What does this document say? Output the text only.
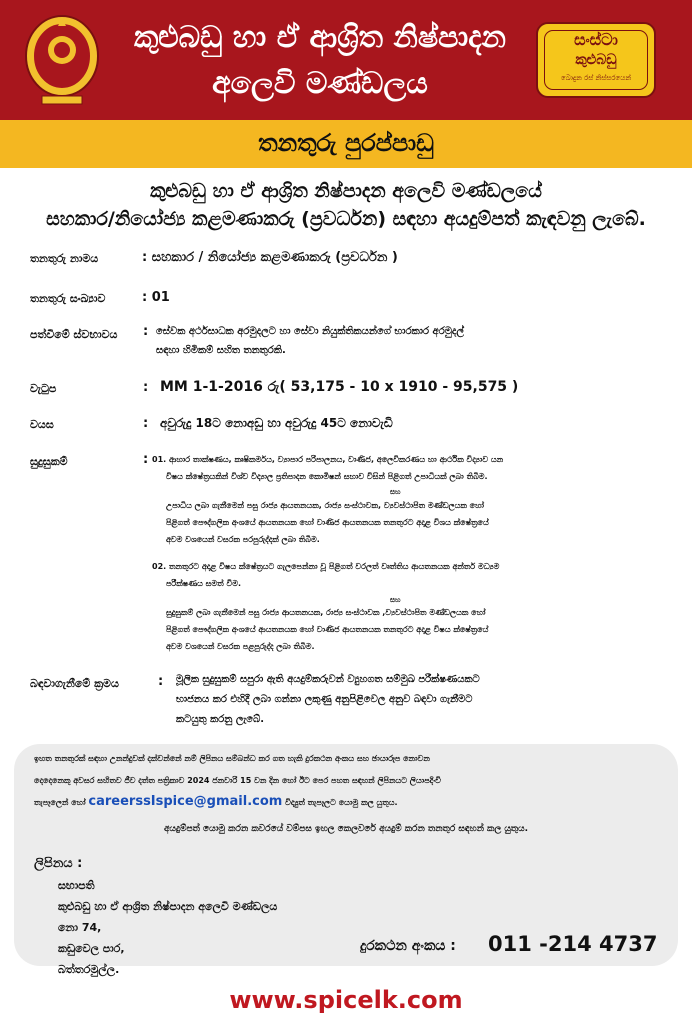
කුළුබඩු හා ඒ ආශ්‍රිත නිෂ්පාදන
අලෙවි මණ්ඩලය
සංස්ටා
කුළුබඩු
බොදුන රස් නිස්සරයෙන්
තනතුරු පුරප්පාඩු
කුළුබඩු හා ඒ ආශ්‍රිත නිෂ්පාදන අලෙවි මණ්ඩලයේ
සහකාර/නියෝජ්‍ය කළමණාකරු (ප්‍රවර්ධන) සඳහා අයදුම්පත් කැඳවනු ලැබේ.
තනතුරු නාමය	: සහකාර / නියෝජ්‍ය කළමණාකරු (ප්‍රවර්ධන )
තනතුරු සංඛ්‍යාව	: 01
පත්වීමේ ස්වභාවය : සේවක අර්ථසාධක අරමුදලට හා සේවා නියුක්තිකයන්ගේ භාරකාර අරමුදල්
සඳහා හිමිකම් සහිත තනතුරකි.
වැටුප	: MM 1-1-2016 රු( 53,175 - 10 x 1910 - 95,575 )
වයස	: අවුරුදු 18ට නොඅඩු හා අවුරුදු 45ට නොවැඩි
සුදුසුකම්	: 01. ආහාර තාක්ෂණය, කෘෂිකර්මය, ව්‍යාපාර පරිපාලනය, වාණිජ, අලෙවිකරණය හා ආර්ථික විද්‍යාව යන
විෂය ක්ෂේත්‍රයකින් විශ්ව විද්‍යාල ප්‍රතිපාදන කොමිෂන් සභාව විසින් පිළිගත් උපාධියක් ලබා තිබීම.
සහ
උපාධිය ලබා ගැනීමෙන් පසු රාජ්‍ය ආයතනයක, රාජ්‍ය සංස්ථාවක, ව්‍යවස්ථාපිත මණ්ඩලයක හෝ
පිළිගත් පෞද්ගලික අංශයේ ආයතනයක හෝ වාණිජ ආයතනයක තනතුරට අදාළ විශය ක්ෂේත්‍රයේ
අවම වශයෙන් වසරක පරපුරුද්දක් ලබා තිබීම.
02. තනතුරට අදාළ විෂය ක්ෂේත්‍රයට ගැලපෙන්නා වූ පිළිගත් වරලත් වෘත්තිය ආයතනයක අන්තර් මධ්‍යම
පරීක්ෂණය සමත් වීම.
සහ
සුදුසුකම් ලබා ගැනීමෙන් පසු රාජ්‍ය ආයතනයක, රාජ්‍ය සංස්ථාවක ,ව්‍යවස්ථාපිත මණ්ඩලයක හෝ
පිළිගත් පෞද්ගලික අංශයේ ආයතනයක හෝ වාණිජ ආයතනයක තනතුරට අදාළ විෂය ක්ෂේත්‍රයේ
අවම වශයෙන් වසරක පළපුරුද්ද ලබා තිබීම.
බඳවාගැනීමේ ක්‍රමය	: මූලික සුදුසුකම් සපුරා ඇති අයදුම්කරුවන් ව්‍යුහගත සම්මුඛ පරීක්ෂණයකට
භාජනය කර එහිදී ලබා ගන්නා ලකුණු අනුපිළිවෙල අනුව බඳවා ගැනීමට
කටයුතු කරනු ලැබේ.
ඉහත තනතුරක් සඳහා උනන්දුවක් දක්වන්නේ නම් ලිපිනය සම්බන්ධ කර ගත හැකි දුරකථන අංකය සහ ඡායාරූප නොවන
දෙදෙනෙකු අවසර සහිතව ජීව දත්ත පත්‍රිකාව 2024 ජනවාරි 15 වන දින හෝ ඊට පෙර පහත සඳහන් ලිපිනයට ලියාපදිංචි
තැපෑලෙන් හෝ careerssIspice@gmail.com විද්‍යුත් තැපෑලට යොමු කල යුතුය.
අයදුම්පත් යොමු කරන කවරයේ වම්පස ඉහල කෙලවරේ අයදුම් කරන තනතුර සඳහන් කල යුතුය.
ලිපිනය :
සභාපති
කුළුබඩු හා ඒ ආශ්‍රිත නිෂ්පාදන අලෙවි මණ්ඩලය
නො 74,
කඩුවෙල පාර,
බත්තරමුල්ල.
දුරකථන අංකය : 011 -214 4737
www.spicelk.com
